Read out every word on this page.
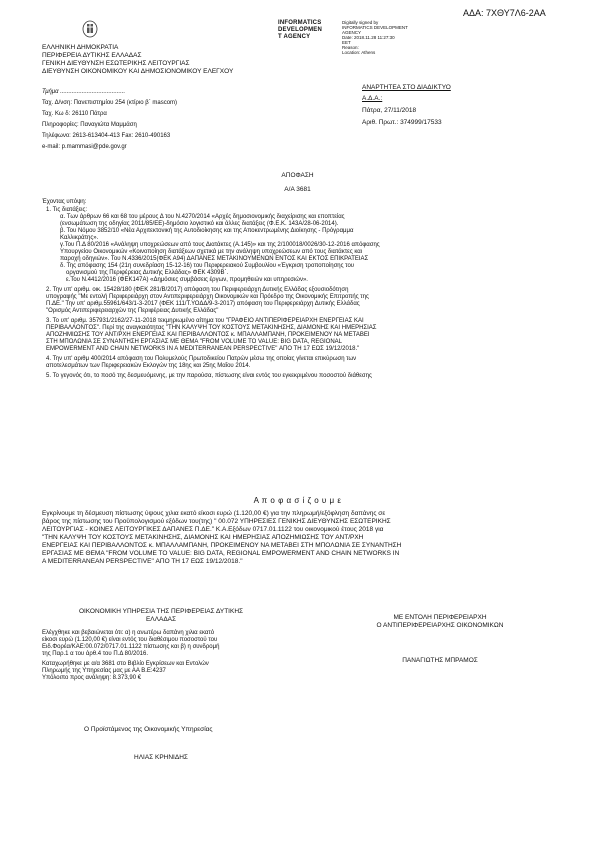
ΑΔΑ: 7ΧΘΥ7Λ6-2ΑΑ
INFORMATICS
DEVELOPMEN
T AGENCY
Digitally signed by
INFORMATICS DEVELOPMENT AGENCY
Date: 2018.11.28 11:27:30
EET
Reason:
Location: Athens
ΕΛΛΗΝΙΚΗ ΔΗΜΟΚΡΑΤΙΑ
ΠΕΡΙΦΕΡΕΙΑ ΔΥΤΙΚΗΣ ΕΛΛΑΔΑΣ
ΓΕΝΙΚΗ ΔΙΕΥΘΥΝΣΗ ΕΣΩΤΕΡΙΚΗΣ ΛΕΙΤΟΥΡΓΙΑΣ
ΔΙΕΥΘΥΝΣΗ ΟΙΚΟΝΟΜΙΚΟΥ ΚΑΙ ΔΗΜΟΣΙΟΝΟΜΙΚΟΥ ΕΛΕΓΧΟΥ
Τμήμα .......................................
Ταχ. Δ/νση: Πανεπιστημίου 254 (κτίριο β΄ mascom)
Ταχ. Κω δ: 26110 Πάτρα
Πληροφορίες: Παναγιώτα Μαμμάση
Τηλέφωνο: 2613-613404-413 Fax: 2610-490163
e-mail: p.mammasi@pde.gov.gr
ΑΝΑΡΤΗΤΕΑ ΣΤΟ ΔΙΑΔΙΚΤΥΟ
Α.Δ.Α.:
Πάτρα, 27/11/2018
Αριθ. Πρωτ.: 374999/17533
ΑΠΟΦΑΣΗ
Α/Α 3681
Έχοντας υπόψη:
1. Τις διατάξεις:
α. Των άρθρων 66 και 68 του μέρους Δ του Ν.4270/2014 «Αρχές δημοσιονομικής διαχείρισης και εποπτείας
(ενσωμάτωση της οδηγίας 2011/85/ΕΕ)-δημόσιο λογιστικό και άλλες διατάξεις (Φ.Ε.Κ. 143Α/28-06-2014).
β. Του Νόμου 3852/10 «Νέα Αρχιτεκτονική της Αυτοδιοίκησης και της Αποκεντρωμένης Διοίκησης - Πρόγραμμα
Καλλικράτης».
γ.Του Π.Δ 80/2016 «Ανάληψη υποχρεώσεων από τους Διατάκτες (Α.145)» και της 2/100018/0026/30-12-2016 απόφασης
Υπουργείου Οικονομικών «Κοινοποίηση διατάξεων σχετικά με την ανάληψη υποχρεώσεων από τους διατάκτες και
παροχή οδηγιών». Του Ν.4336/2015(ΦΕΚ Α94) ΔΑΠΑΝΕΣ ΜΕΤΑΚΙΝΟΥΜΕΝΩΝ ΕΝΤΟΣ ΚΑΙ ΕΚΤΟΣ ΕΠΙΚΡΑΤΕΙΑΣ
δ. Της απόφασης 154 (21η συνεδρίαση 15-12-16) του Περιφερειακού Συμβουλίου «Έγκριση τροποποίησης του
οργανισμού της Περιφέρειας Δυτικής Ελλάδας» ΦΕΚ 4309Β΄.
ε.Του Ν.4412/2016 (ΦΕΚ147Α) «Δημόσιες συμβάσεις έργων, προμηθειών και υπηρεσιών».
2. Την υπ' αριθμ. οικ. 15428/180 (ΦΕΚ 281/Β/2017) απόφαση του Περιφερειάρχη Δυτικής Ελλάδας εξουσιοδότηση
υπογραφής "Με εντολή Περιφερειάρχη στον Αντιπεριφερειάρχη Οικονομικών και Πρόεδρο της Οικονομικής Επιτροπής της
Π.ΔΕ." Την υπ' αριθμ.55961/643/1-3-2017 (ΦΕΚ 111/Τ.ΥΟΔΔ/9-3-2017) απόφαση του Περιφερειάρχη Δυτικής Ελλάδας
"Ορισμός Αντιπεριφερειαρχών της Περιφέρειας Δυτικής Ελλάδας"
3. Το υπ' αριθμ. 357931/2162/27-11-2018 τεκμηριωμένο αίτημα του "ΓΡΑΦΕΙΟ ΑΝΤΙΠΕΡΙΦΕΡΕΙΑΡΧΗ ΕΝΕΡΓΕΙΑΣ ΚΑΙ
ΠΕΡΙΒΑΛΛΟΝΤΟΣ". Περί της αναγκαιότητας "ΤΗΝ ΚΑΛΥΨΗ ΤΟΥ ΚΟΣΤΟΥΣ ΜΕΤΑΚΙΝΗΣΗΣ, ΔΙΑΜΟΝΗΣ ΚΑΙ ΗΜΕΡΗΣΙΑΣ
ΑΠΟΖΗΜΙΩΣΗΣ ΤΟΥ ΑΝΤ/ΡΧΗ ΕΝΕΡΓΕΙΑΣ ΚΑΙ ΠΕΡΙΒΑΛΛΟΝΤΟΣ κ. ΜΠΑΛΛΑΜΠΑΝΗ, ΠΡΟΚΕΙΜΕΝΟΥ ΝΑ ΜΕΤΑΒΕΙ
ΣΤΗ ΜΠΟΛΩΝΙΑ ΣΕ ΣΥΝΑΝΤΗΣΗ ΕΡΓΑΣΙΑΣ ΜΕ ΘΕΜΑ "FROM VOLUME TO VALUE: BIG DATA, REGIONAL
EMPOWERMENT AND CHAIN NETWORKS IN A MEDITERRANEAN PERSPECTIVE" ΑΠΟ ΤΗ 17 ΕΩΣ 19/12/2018."
4. Την υπ' αριθμ 400/2014 απόφαση του Πολυμελούς Πρωτοδικείου Πατρών μέσω της οποίας γίνεται επικύρωση των
αποτελεσμάτων των Περιφερειακών Εκλογών της 18ης και 25ης Μαΐου 2014.
5. Το γεγονός ότι, το ποσό της δεσμευόμενης, με την παρούσα, πίστωσης είναι εντός του εγκεκριμένου ποσοστού διάθεσης
Α π ο φ α σ ί ζ ο υ μ ε
Εγκρίνουμε τη δέσμευση πίστωσης ύψους χιλια εκατό είκοσι ευρώ (1.120,00 €) για την πληρωμή/εξόφληση δαπάνης σε
βάρος της πίστωσης του Προϋπολογισμού εξόδων του(της) " 00.072 ΥΠΗΡΕΣΙΕΣ ΓΕΝΙΚΗΣ ΔΙΕΥΘΥΝΣΗΣ ΕΣΩΤΕΡΙΚΗΣ
ΛΕΙΤΟΥΡΓΙΑΣ - ΚΟΙΝΕΣ ΛΕΙΤΟΥΡΓΙΚΕΣ ΔΑΠΑΝΕΣ Π.ΔΕ." Κ.Α.Εξόδων 0717.01.1122 του οικονομικού έτους 2018 για
"ΤΗΝ ΚΑΛΥΨΗ ΤΟΥ ΚΟΣΤΟΥΣ ΜΕΤΑΚΙΝΗΣΗΣ, ΔΙΑΜΟΝΗΣ ΚΑΙ ΗΜΕΡΗΣΙΑΣ ΑΠΟΖΗΜΙΩΣΗΣ ΤΟΥ ΑΝΤ/ΡΧΗ
ΕΝΕΡΓΕΙΑΣ ΚΑΙ ΠΕΡΙΒΑΛΛΟΝΤΟΣ κ. ΜΠΑΛΛΑΜΠΑΝΗ, ΠΡΟΚΕΙΜΕΝΟΥ ΝΑ ΜΕΤΑΒΕΙ ΣΤΗ ΜΠΟΛΩΝΙΑ ΣΕ ΣΥΝΑΝΤΗΣΗ
ΕΡΓΑΣΙΑΣ ΜΕ ΘΕΜΑ "FROM VOLUME TO VALUE: BIG DATA, REGIONAL EMPOWERMENT AND CHAIN NETWORKS IN
A MEDITERRANEAN PERSPECTIVE" ΑΠΟ ΤΗ 17 ΕΩΣ 19/12/2018."
ΟΙΚΟΝΟΜΙΚΗ ΥΠΗΡΕΣΙΑ ΤΗΣ ΠΕΡΙΦΕΡΕΙΑΣ ΔΥΤΙΚΗΣ
ΕΛΛΑΔΑΣ
Ελέγχθηκε και βεβαιώνεται ότι: α) η ανωτέρω δαπάνη χιλια εκατό
είκοσι ευρώ (1.120,00 €) είναι εντός του διαθέσιμου ποσοστού του
Ειδ.Φορέα/ΚΑΕ:00.072/0717.01.1122 πίστωσης και β) η συνδρομή
της Παρ.1 α του άρθ.4 του Π.Δ 80/2016.
Καταχωρήθηκε με α/α 3681 στο Βιβλίο Εγκρίσεων και Εντολών
Πληρωμής της Υπηρεσίας μας με ΑΑ Β.Ε:4237
Υπόλοιπο προς ανάληψη: 8.373,90 €
Ο Προϊστάμενος της Οικονομικής Υπηρεσίας
ΗΛΙΑΣ ΚΡΗΝΙΔΗΣ
ΜΕ ΕΝΤΟΛΗ ΠΕΡΙΦΕΡΕΙΑΡΧΗ
Ο ΑΝΤΙΠΕΡΙΦΕΡΕΙΑΡΧΗΣ ΟΙΚΟΝΟΜΙΚΩΝ
ΠΑΝΑΓΙΩΤΗΣ ΜΠΡΑΜΟΣ
